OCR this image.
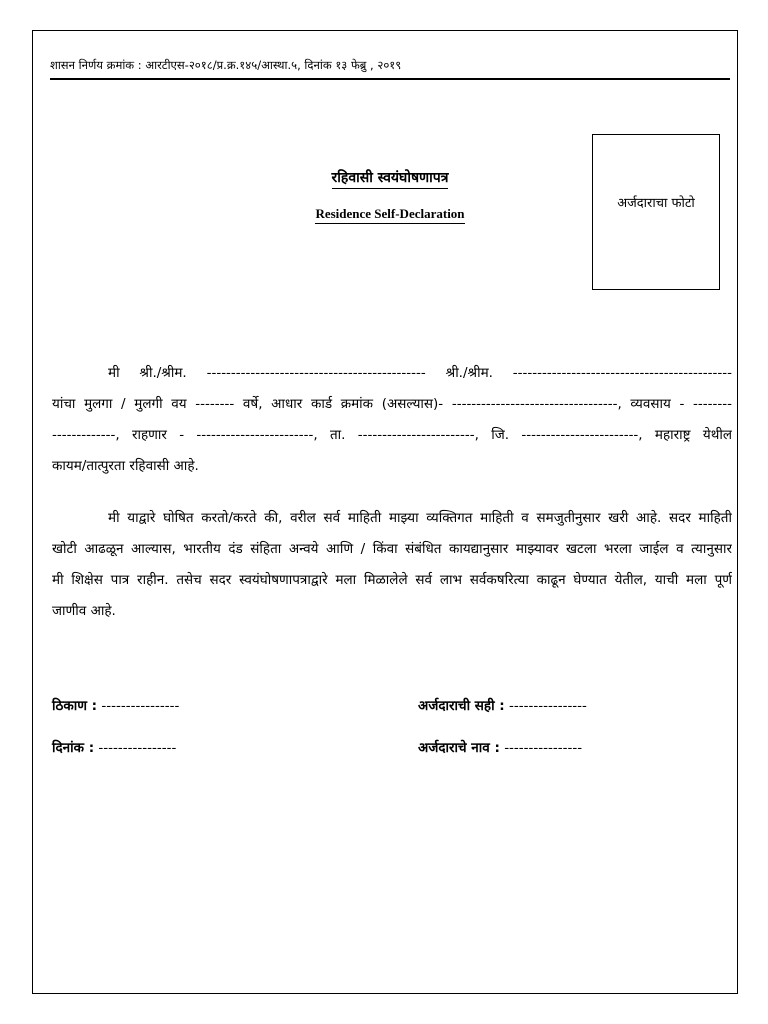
शासन निर्णय क्रमांक : आरटीएस-२०१८/प्र.क्र.१४५/आस्था.५, दिनांक १३ फेब्रु , २०१९
रहिवासी स्वयंघोषणापत्र
Residence Self-Declaration
अर्जदाराचा फोटो
मी श्री./श्रीम. --------------------------------------------- श्री./श्रीम. ---------------------------------------------
यांचा मुलगा / मुलगी वय -------- वर्षे, आधार कार्ड क्रमांक (असल्यास)- ----------------------------------, व्यवसाय - --------
-------------, राहणार - ------------------------, ता. ------------------------, जि. ------------------------, महाराष्ट्र येथील
कायम/तात्पुरता रहिवासी आहे.
मी याद्वारे घोषित करतो/करते की, वरील सर्व माहिती माझ्या व्यक्तिगत माहिती व समजुतीनुसार खरी आहे. सदर माहिती
खोटी आढळून आल्यास, भारतीय दंड संहिता अन्वये आणि / किंवा संबंधित कायद्यानुसार माझ्यावर खटला भरला जाईल व त्यानुसार
मी शिक्षेस पात्र राहीन. तसेच सदर स्वयंघोषणापत्राद्वारे मला मिळालेले सर्व लाभ सर्वकषरित्या काढून घेण्यात येतील, याची मला पूर्ण
जाणीव आहे.
ठिकाण : ----------------
दिनांक : ----------------
अर्जदाराची सही : ----------------
अर्जदाराचे नाव : ----------------
